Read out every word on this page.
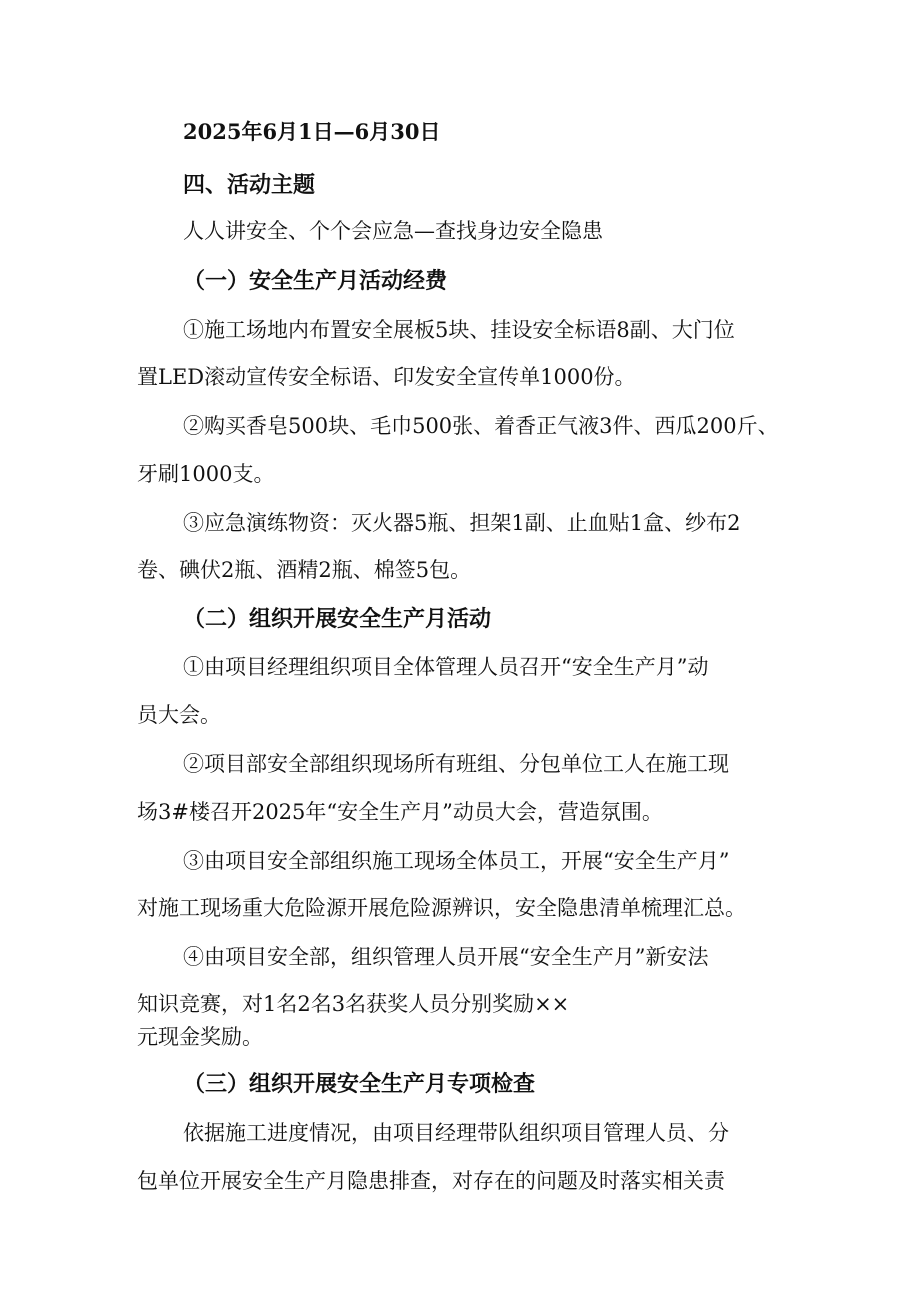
2025年6月1日—6月30日
四、活动主题
人人讲安全、个个会应急—查找身边安全隐患
（一）安全生产月活动经费
①施工场地内布置安全展板5块、挂设安全标语8副、大门位
置LED滚动宣传安全标语、印发安全宣传单1000份。
②购买香皂500块、毛巾500张、着香正气液3件、西瓜200斤、
牙刷1000支。
③应急演练物资：灭火器5瓶、担架1副、止血贴1盒、纱布2
卷、碘伏2瓶、酒精2瓶、棉签5包。
（二）组织开展安全生产月活动
①由项目经理组织项目全体管理人员召开“安全生产月”动
员大会。
②项目部安全部组织现场所有班组、分包单位工人在施工现
场3#楼召开2025年“安全生产月”动员大会，营造氛围。
③由项目安全部组织施工现场全体员工，开展“安全生产月”
对施工现场重大危险源开展危险源辨识，安全隐患清单梳理汇总。
④由项目安全部，组织管理人员开展“安全生产月”新安法
知识竞赛，对1名2名3名获奖人员分别奖励××
元现金奖励。
（三）组织开展安全生产月专项检查
依据施工进度情况，由项目经理带队组织项目管理人员、分
包单位开展安全生产月隐患排查，对存在的问题及时落实相关责
